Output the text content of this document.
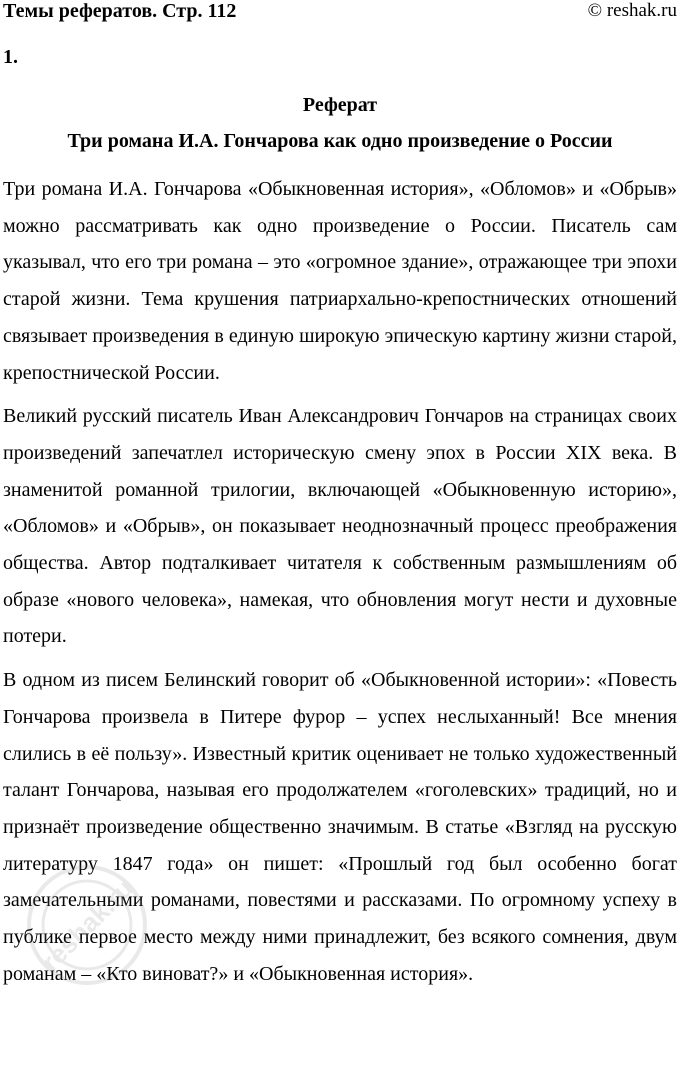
Темы рефератов. Стр. 112	© reshak.ru
1.
Реферат
Три романа И.А. Гончарова как одно произведение о России

Три романа И.А. Гончарова «Обыкновенная история», «Обломов» и «Обрыв» можно рассматривать как одно произведение о России. Писатель сам указывал, что его три романа – это «огромное здание», отражающее три эпохи старой жизни. Тема крушения патриархально-крепостнических отношений связывает произведения в единую широкую эпическую картину жизни старой, крепостнической России.

Великий русский писатель Иван Александрович Гончаров на страницах своих произведений запечатлел историческую смену эпох в России XIX века. В знаменитой романной трилогии, включающей «Обыкновенную историю», «Обломов» и «Обрыв», он показывает неоднозначный процесс преображения общества. Автор подталкивает читателя к собственным размышлениям об образе «нового человека», намекая, что обновления могут нести и духовные потери.

В одном из писем Белинский говорит об «Обыкновенной истории»: «Повесть Гончарова произвела в Питере фурор – успех неслыханный! Все мнения слились в её пользу». Известный критик оценивает не только художественный талант Гончарова, называя его продолжателем «гоголевских» традиций, но и признаёт произведение общественно значимым. В статье «Взгляд на русскую литературу 1847 года» он пишет: «Прошлый год был особенно богат замечательными романами, повестями и рассказами. По огромному успеху в публике первое место между ними принадлежит, без всякого сомнения, двум романам – «Кто виноват?» и «Обыкновенная история».

reshak.ru
